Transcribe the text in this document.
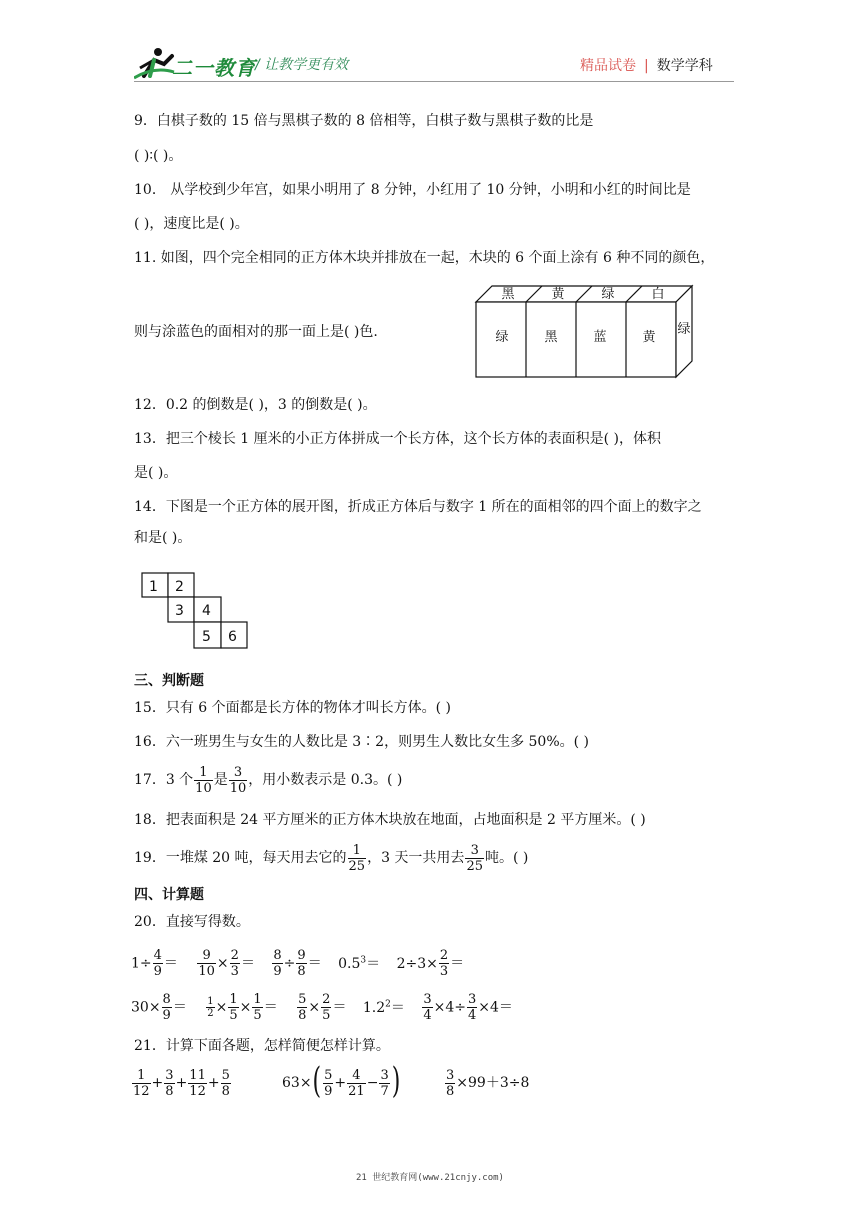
二一教育 / 让教学更有效	精品试卷 | 数学学科
9．白棋子数的 15 倍与黑棋子数的 8 倍相等，白棋子数与黑棋子数的比是
( )∶( )。
10． 从学校到少年宫，如果小明用了 8 分钟，小红用了 10 分钟，小明和小红的时间比是
( )，速度比是( )。
11. 如图，四个完全相同的正方体木块并排放在一起，木块的 6 个面上涂有 6 种不同的颜色，
则与涂蓝色的面相对的那一面上是( )色.
黑	黄	绿	白
绿	黑	蓝	黄
绿
12．0.2 的倒数是( )，3 的倒数是( )。
13．把三个棱长 1 厘米的小正方体拼成一个长方体，这个长方体的表面积是( )，体积
是( )。
14．下图是一个正方体的展开图，折成正方体后与数字 1 所在的面相邻的四个面上的数字之
和是( )。
1 2
3 4
5 6
三、判断题
15．只有 6 个面都是长方体的物体才叫长方体。( )
16．六一班男生与女生的人数比是 3∶2，则男生人数比女生多 50%。( )
17．3 个 $\frac{1}{10}$ 是 $\frac{3}{10}$ ，用小数表示是 0.3。( )
18．把表面积是 24 平方厘米的正方体木块放在地面，占地面积是 2 平方厘米。( )
19．一堆煤 20 吨，每天用去它的 $\frac{1}{25}$ ，3 天一共用去 $\frac{3}{25}$ 吨。( )
四、计算题
20．直接写得数。
$1\div \frac{4}{9} = \frac{9}{10} \times \frac{2}{3} = \frac{8}{9} \div \frac{9}{8} = 0.5^3= 2\div 3\times \frac{2}{3}$ ＝
$30\times \frac{8}{9} = \frac{1}{2} \times \frac{1}{5} \times \frac{1}{5} = \frac{5}{8} \times \frac{2}{5} = 1.2^2= \frac{3}{4} \times 4\div \frac{3}{4} \times 4=$
21．计算下面各题，怎样简便怎样计算。
$\frac{1}{12} + \frac{3}{8} + \frac{11}{12} + \frac{5}{8}$	$63\times( \frac{5}{9} + \frac{4}{21} - \frac{3}{7}$ )	$\frac{3}{8} \times 99+3\div 8$
21 世纪教育网(www.21cnjy.com)
